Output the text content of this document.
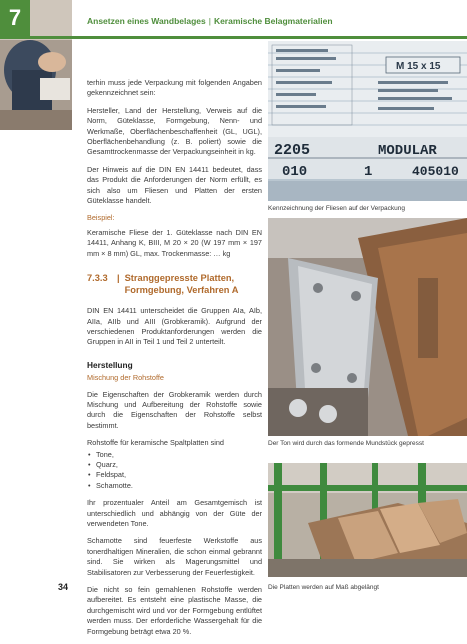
7	Ansetzen eines Wandbelages | Keramische Belagmaterialien

terhin muss jede Verpackung mit folgenden Angaben gekennzeichnet sein:

Hersteller, Land der Herstellung, Verweis auf die Norm, Güteklasse, Formgebung, Nenn- und Werkmaße, Oberflächenbeschaffenheit (GL, UGL), Oberflächenbehandlung (z. B. poliert) sowie die Gesamttrockenmasse der Verpackungseinheit in kg.

Der Hinweis auf die DIN EN 14411 bedeutet, dass das Produkt die Anforderungen der Norm erfüllt, es sich also um Fliesen und Platten der ersten Güteklasse handelt.

Beispiel:

Keramische Fliese der 1. Güteklasse nach DIN EN 14411, Anhang K, BIII, M 20 × 20 (W 197 mm × 197 mm × 8 mm) GL, max. Trockenmasse: … kg

7.3.3	| Stranggepresste Platten, Formgebung, Verfahren A

DIN EN 14411 unterscheidet die Gruppen AIa, AIb, AIIa, AIIb und AIII (Grobkeramik). Aufgrund der verschiedenen Produktanforderungen werden die Gruppen in AII in Teil 1 und Teil 2 unterteilt.

Herstellung
Mischung der Rohstoffe

Die Eigenschaften der Grobkeramik werden durch Mischung und Aufbereitung der Rohstoffe sowie durch die Eigenschaften der Rohstoffe selbst bestimmt.

Rohstoffe für keramische Spaltplatten sind

• Tone,
• Quarz,
• Feldspat,
• Schamotte.

Ihr prozentualer Anteil am Gesamtgemisch ist unterschiedlich und abhängig von der Güte der verwendeten Tone.

Schamotte sind feuerfeste Werkstoffe aus tonerdhaltigen Mineralien, die schon einmal gebrannt sind. Sie wirken als Magerungsmittel und Stabilisatoren zur Verbesserung der Feuerfestigkeit.

Die nicht so fein gemahlenen Rohstoffe werden aufbereitet. Es entsteht eine plastische Masse, die durchgemischt wird und vor der Formgebung entlüftet werden muss. Der erforderliche Wassergehalt für die Formgebung beträgt etwa 20 %.

34
M 15 x 15
2205	MODULAR
010	1	405010
Kennzeichnung der Fliesen auf der Verpackung
Der Ton wird durch das formende Mundstück gepresst
Die Platten werden auf Maß abgelängt
